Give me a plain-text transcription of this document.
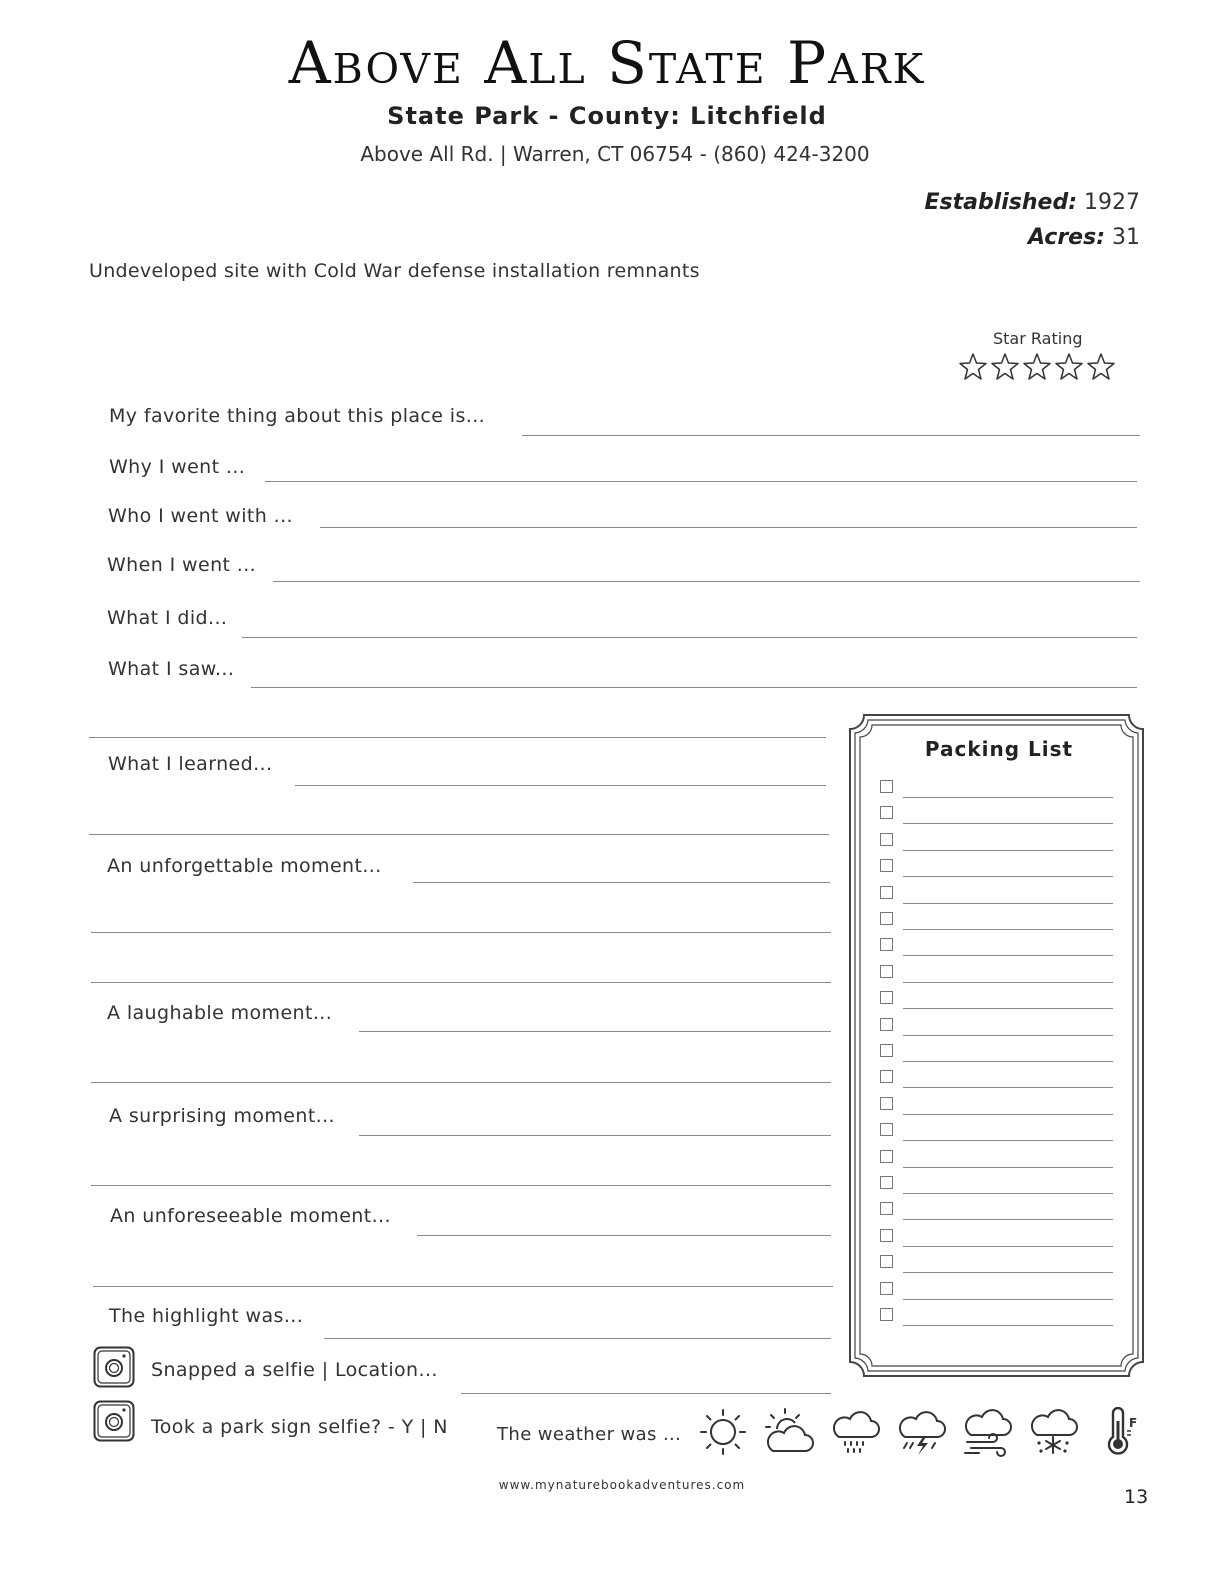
Above All State Park
State Park - County: Litchfield
Above All Rd. | Warren, CT 06754 - (860) 424-3200
Established: 1927
Acres: 31
Undeveloped site with Cold War defense installation remnants
Star Rating
My favorite thing about this place is...
Why I went ...
Who I went with ...
When I went ...
What I did...
What I saw...
What I learned...
An unforgettable moment...
A laughable moment...
A surprising moment...
An unforeseeable moment...
The highlight was...
Snapped a selfie | Location...
Took a park sign selfie? - Y | N	The weather was ...
F
Packing List
www.mynaturebookadventures.com
13
